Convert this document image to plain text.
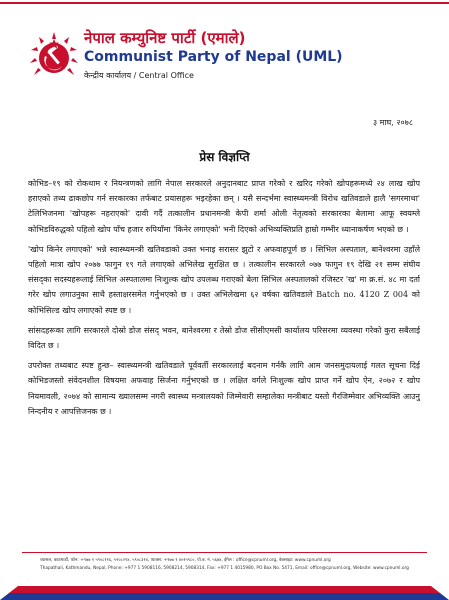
नेपाल कम्युनिष्ट पार्टी (एमाले)
Communist Party of Nepal (UML)
केन्द्रीय कार्यालय / Central Office
३ माघ, २०७८
प्रेस विज्ञप्ति

कोभिड–१९ को रोकथाम र नियन्त्रणको लागि नेपाल सरकारले अनुदानबाट प्राप्त गरेको र खरिद गरेको खोपहरूमध्ये २४ लाख खोप हराएको तथ्य ढाकछोप गर्न सरकारका तर्फबाट प्रयासहरू भइरहेका छन् । यसै सन्दर्भमा स्वास्थ्यमन्त्री विरोध खतिवडाले हालै 'सगरमाथा' टेलिभिजनमा 'खोपहरू नहराएको' दावी गर्दै तत्कालीन प्रधानमन्त्री केपी शर्मा ओली नेतृत्वको सरकारका बेलामा आफू स्वयम्ले कोभिडविरुद्धको पहिलो खोप पाँच हजार रुपियाँमा 'किनेर लगाएको' भनी दिएको अभिव्यक्तिप्रति हाम्रो गम्भीर ध्यानाकर्षण भएको छ ।

'खोप किनेर लगाएको' भन्ने स्वास्थ्यमन्त्री खतिवडाको उक्त भनाइ सरासर झुटो र अफवाहपूर्ण छ । सिभिल अस्पताल, बानेश्वरमा उहाँले पहिलो मात्रा खोप २०७७ फागुन १९ गते लगाएको अभिलेख सुरक्षित छ । तत्कालीन सरकारले ०७७ फागुन १९ देखि २१ सम्म संघीय संसद्का सदस्यहरूलाई सिभिल अस्पतालमा निःशुल्क खोप उपलब्ध गराएको बेला सिभिल अस्पतालको रजिस्टर 'ख' मा क्र.सं. ४८ मा दर्ता गरेर खोप लगाउनुका साथै हस्ताक्षरसमेत गर्नुभएको छ । उक्त अभिलेखमा ६२ वर्षका खतिवडाले Batch no. 4120 Z 004 को कोभिसिल्ड खोप लगाएको स्पष्ट छ ।

सांसदहरूका लागि सरकारले दोस्रो डोज संसद् भवन, बानेश्वरमा र तेस्रो डोज सीसीएमसी कार्यालय परिसरमा व्यवस्था गरेको कुरा सबैलाई विदित छ ।

उपरोक्त तथ्यबाट स्पष्ट हुन्छ– स्वास्थ्यमन्त्री खतिवडाले पूर्ववर्ती सरकारलाई बदनाम गर्नकै लागि आम जनसमुदायलाई गलत सूचना दिई कोभिडजस्तो संवेदनशील विषयमा अफवाह सिर्जना गर्नुभएको छ । लक्षित वर्गले निःशुल्क खोप प्राप्त गर्ने खोप ऐन, २०७२ र खोप नियमावली, २०७४ को सामान्य ख्यालसम्म नगरी स्वास्थ्य मन्त्रालयको जिम्मेवारी सम्हालेका मन्त्रीबाट यस्तो गैरजिम्मेवार अभिव्यक्ति आउनु निन्दनीय र आपत्तिजनक छ ।

च्यासल, काठमाडौं, फोन: +९७७ १ ५९०८११६, ५९०८२१४, ५९०८३१४, प्याक्स: +९७७ १ ४०१५९८०, पो.ब. नं. ५६७४, ईमेल : office@cpnuml.org, वेबसाइट: www.cpnuml.org
Thapathali, Kathmandu, Nepal, Phone: +977 1 5908116, 5908214, 5908314, Fax: +977 1 4015980, PO Box No. 5471, Email: office@cpnuml.org, Website: www.cpnuml.org
